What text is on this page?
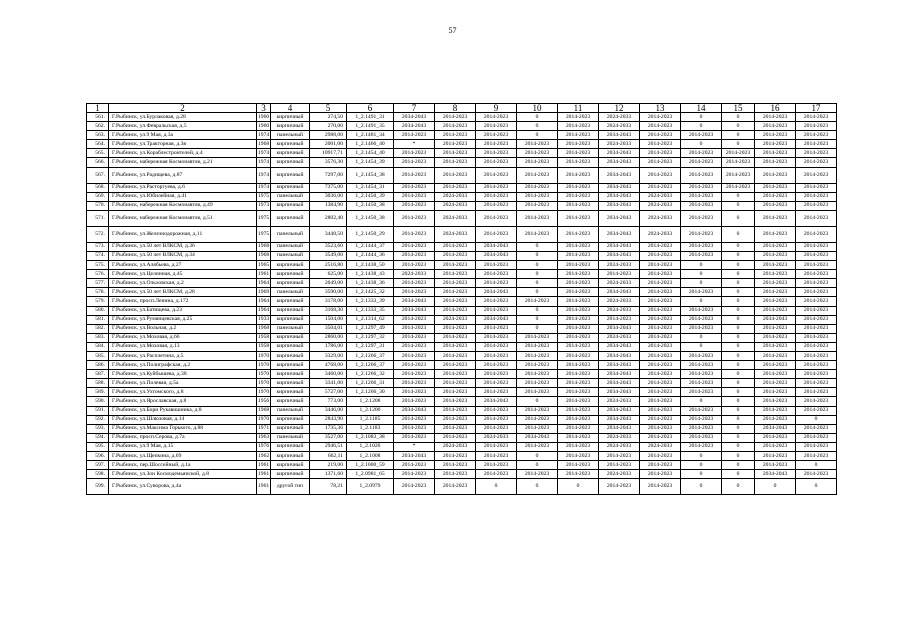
57
1	2	3	4	5	6	7	8	9	10	11	12	13	14	15	16	17
561.	Г.Рыбинск, ул.Бурлаковая, д.28	1960	кирпичный	274,50	1_2.1491_31	2034-2043	2014-2023	2014-2023	0	2014-2023	2024-2033	2014-2023	0	0	2014-2023	2014-2023
562.	Г.Рыбинск, ул.Февральская, д.5	1960	кирпичный	270,00	1_2.1491_35	2034-2043	2014-2023	2014-2023	0	2014-2023	2024-2033	2014-2023	0	0	2014-2023	2014-2023
563.	Г.Рыбинск, ул.9 Мая, д.3а	1974	панельный	2988,00	1_2.1481_34	2014-2023	2014-2023	2014-2023	0	2014-2023	2034-2043	2014-2023	2014-2023	0	2014-2023	2014-2023
564.	Г.Рыбинск, ул.Тракторная, д.3в	1968	кирпичный	2001,00	1_2.1466_40	*	2014-2023	2014-2023	2014-2023	2014-2023	2024-2033	2014-2023	0	0	2014-2023	2014-2023
565.	Г.Рыбинск, ул.Кораблестроителей, д.4	1974	кирпичный	10917,71	1_2.1454_40	2014-2023	2014-2023	2014-2023	2014-2023	2014-2023	2034-2043	2014-2023	2014-2023	2014-2023	2014-2023	2014-2023
566.	Г.Рыбинск, набережная Космонавтов, д.21	1974	кирпичный	3576,30	1_2.1454_39	2014-2023	2014-2023	2014-2023	2014-2023	2014-2023	2034-2043	2014-2023	2014-2023	2014-2023	2014-2023	2014-2023
567.	Г.Рыбинск, ул.Радищева, д.87	1974	кирпичный	7297,00	1_2.1454_38	2014-2023	2014-2023	2014-2023	2014-2023	2014-2023	2034-2043	2014-2023	2014-2023	2014-2023	2014-2023	2014-2023
568.	Г.Рыбинск, ул.Расторгуева, д.6	1974	кирпичный	7375,00	1_2.1454_31	2014-2023	2014-2023	2014-2023	2014-2023	2014-2023	2034-2043	2014-2023	2014-2023	2014-2023	2014-2023	2014-2023
569.	Г.Рыбинск, ул.Юбилейная, д.41	1975	панельный	3036,00	1_2.1450_39	2014-2023	2024-2033	2014-2023	2014-2023	2014-2023	2034-2043	2024-2033	2014-2023	0	2014-2023	2014-2023
570.	Г.Рыбинск, набережная Космонавтов, д.49	1973	кирпичный	1384,90	1_2.1450_38	2014-2023	2024-2033	2014-2023	2014-2023	2014-2023	2034-2043	2024-2033	2014-2023	0	2014-2023	2014-2023
571.	Г.Рыбинск, набережная Космонавтов, д.51	1975	кирпичный	2802,40	1_2.1450_38	2014-2023	2024-2033	2014-2023	2014-2023	2014-2023	2034-2043	2024-2033	2014-2023	0	2014-2023	2014-2023
572.	Г.Рыбинск, ул.Железнодорожная, д.11	1975	панельный	3448,50	1_2.1450_29	2014-2023	2024-2033	2014-2023	2014-2023	2014-2023	2034-2043	2024-2033	2014-2023	0	2014-2023	2014-2023
573.	Г.Рыбинск, ул.50 лет ВЛКСМ, д.36	1968	панельный	3523,60	1_2.1444_37	2014-2023	2014-2023	2034-2043	0	2014-2023	2034-2043	2014-2023	2014-2023	0	2014-2023	2014-2023
574.	Г.Рыбинск, ул.50 лет ВЛКСМ, д.34	1968	панельный	3549,00	1_2.1444_36	2014-2023	2014-2023	2034-2043	0	2014-2023	2034-2043	2014-2023	2014-2023	0	2014-2023	2014-2023
575.	Г.Рыбинск, ул.Алябьева, д.27	1965	кирпичный	2516,80	1_2.1438_50	2014-2023	2014-2023	2014-2023	0	2014-2023	2024-2033	2014-2023	0	0	2014-2023	2014-2023
576.	Г.Рыбинск, ул.Целинная, д.45	1961	кирпичный	625,00	1_2.1438_43	2024-2033	2014-2023	2014-2023	0	2014-2023	2014-2023	2014-2023	0	0	2014-2023	2014-2023
577.	Г.Рыбинск, ул.Ольховская, д.2	1964	кирпичный	2049,00	1_2.1438_36	2014-2023	2014-2023	2014-2023	0	2014-2023	2024-2033	2014-2023	0	0	2014-2023	2014-2023
578.	Г.Рыбинск, ул.50 лет ВЛКСМ, д.28	1969	панельный	3590,00	1_2.1425_32	2014-2023	2014-2023	2034-2043	0	2014-2023	2034-2043	2014-2023	2014-2023	0	2014-2023	2014-2023
579.	Г.Рыбинск, просп.Ленина, д.172	1964	кирпичный	3178,00	1_2.1333_39	2034-2043	2014-2023	2014-2023	2014-2023	2014-2023	2024-2033	2014-2023	0	0	2014-2023	2014-2023
580.	Г.Рыбинск, ул.Батищева, д.23	1964	кирпичный	3168,30	1_2.1333_35	2034-2043	2014-2023	2014-2023	0	2014-2023	2024-2033	2014-2023	2014-2023	0	2014-2023	2014-2023
581.	Г.Рыбинск, ул.Румянцевская, д.25	1933	кирпичный	1504,00	1_2.1314_62	2014-2023	2024-2033	2034-2043	0	2014-2023	2014-2023	2014-2023	2014-2023	0	2034-2043	2014-2023
582.	Г.Рыбинск, ул.Вольная, д.2	1968	панельный	3504,01	1_2.1297_49	2014-2023	2014-2023	2014-2023	0	2014-2023	2034-2043	2014-2023	2014-2023	0	2014-2023	2014-2023
583.	Г.Рыбинск, ул.Моховая, д.66	1958	кирпичный	2860,00	1_2.1297_32	2014-2023	2014-2023	2014-2023	2014-2023	2014-2023	2024-2033	2014-2023	0	0	2014-2023	2014-2023
584.	Г.Рыбинск, ул.Моховая, д.13	1958	кирпичный	1786,00	1_2.1297_31	2014-2023	2014-2023	2014-2023	2014-2023	2014-2023	2034-2043	2014-2023	0	0	2014-2023	2014-2023
585.	Г.Рыбинск, ул.Расплетина, д.5	1970	кирпичный	3329,00	1_2.1266_37	2014-2023	2014-2023	2014-2023	2014-2023	2014-2023	2034-2043	2014-2023	2014-2023	0	2014-2023	2014-2023
586.	Г.Рыбинск, ул.Полиграфская, д.2	1970	кирпичный	4768,00	1_2.1266_37	2014-2023	2014-2023	2014-2023	2014-2023	2014-2023	2034-2043	2014-2023	2014-2023	0	2014-2023	2014-2023
587.	Г.Рыбинск, ул.Куйбышева, д.38	1970	кирпичный	3460,00	1_2.1266_32	2014-2023	2014-2023	2014-2023	2014-2023	2014-2023	2034-2043	2014-2023	2014-2023	0	2014-2023	2014-2023
588.	Г.Рыбинск, ул.Полевая, д.5а	1970	кирпичный	3341,00	1_2.1266_31	2014-2023	2014-2023	2014-2023	2014-2023	2014-2023	2034-2043	2014-2023	2014-2023	0	2014-2023	2014-2023
589.	Г.Рыбинск, ул.Ухтомского, д.8	1970	кирпичный	5727,00	1_2.1266_30	2014-2023	2014-2023	2014-2023	2014-2023	2014-2023	2034-2043	2014-2023	2014-2023	0	2014-2023	2014-2023
590.	Г.Рыбинск, ул.Ярославская, д.8	1956	кирпичный	773,00	1_2.1208	2014-2023	2014-2023	2034-2043	0	2014-2023	2024-2033	2014-2023	0	0	2014-2023	2014-2023
591.	Г.Рыбинск, ул.Бори Рукавишника, д.8	1968	панельный	3446,00	1_2.1200	2034-2043	2014-2023	2014-2023	2014-2023	2014-2023	2034-2043	2014-2023	2014-2023	0	2014-2023	2014-2023
592.	Г.Рыбинск, ул.Шлюзовая, д.14	1970	кирпичный	2843,90	1_2.1185	2014-2023	2014-2023	2014-2023	2014-2023	2014-2023	2034-2043	2014-2023	2014-2023	0	2014-2023	0
593.	Г.Рыбинск, ул.Максима Горького, д.88	1971	кирпичный	1735,36	1_2.1183	2014-2023	2014-2023	2014-2023	2014-2023	2014-2023	2034-2043	2014-2023	2014-2023	0	2034-2043	2014-2023
594.	Г.Рыбинск, просп.Серова, д.7а	1963	панельный	3527,00	1_2.1083_38	2014-2023	2014-2023	2024-2033	2034-2043	2014-2023	2024-2033	2014-2023	2014-2023	0	2014-2023	2014-2023
595.	Г.Рыбинск, ул.9 Мая, д.15	1976	кирпичный	2946,51	1_2.1026	*	2024-2033	2014-2023	2014-2023	2014-2023	2024-2033	2024-2033	2014-2023	0	2014-2023	2014-2023
596.	Г.Рыбинск, ул.Щепкина, д.69	1962	кирпичный	662,11	1_2.1008	2034-2043	2014-2023	2014-2023	0	2014-2023	2014-2023	2014-2023	0	0	2014-2023	2014-2023
597.	Г.Рыбинск, пер.Шоссейный, д.1а	1961	кирпичный	219,00	1_2.1000_59	2014-2023	2014-2023	2014-2023	0	2014-2023	2014-2023	2014-2023	0	0	2014-2023	0
598.	Г.Рыбинск, ул.Зои Космодемьянской, д.8	1961	кирпичный	1371,60	1_2.0981_65	2014-2023	2014-2023	2014-2023	2014-2023	2014-2023	2024-2033	2014-2023	0	0	2034-2043	2014-2023
599.	Г.Рыбинск, ул.Суворова, д.4а	1961	другой тип	78,21	1_2.0979	2014-2023	2014-2023	0	0	0	2014-2023	2014-2023	0	0	0	0
